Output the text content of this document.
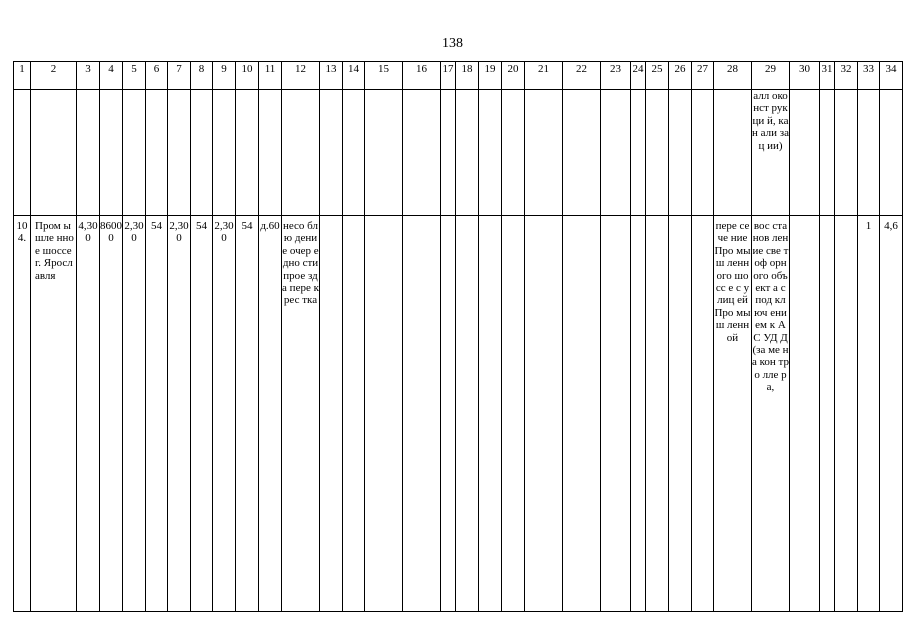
138
1	2	3	4	5	6	7	8	9	10	11	12	13	14	15	16	17	18	19	20	21	22	23	24	25	26	27	28	29	30	31	32	33	34
																												алл око нст рук ци й, кан али зац ии)					
104.	Пром ышле нное шоссе г. Яросл авля	4,300	86000	2,300	54	2,300	54	2,300	54	д.60	несо блю дени е очер едно сти прое зда пере крес тка																пере сече ние Про мыш ленн ого шосс е с улиц ей Про мыш ленн ой	вос ста нов лен ие све тоф орн ого объ ект а с под кл юч ени ем к АС УД Д (за ме на кон тро лле ра,				1	4,6
